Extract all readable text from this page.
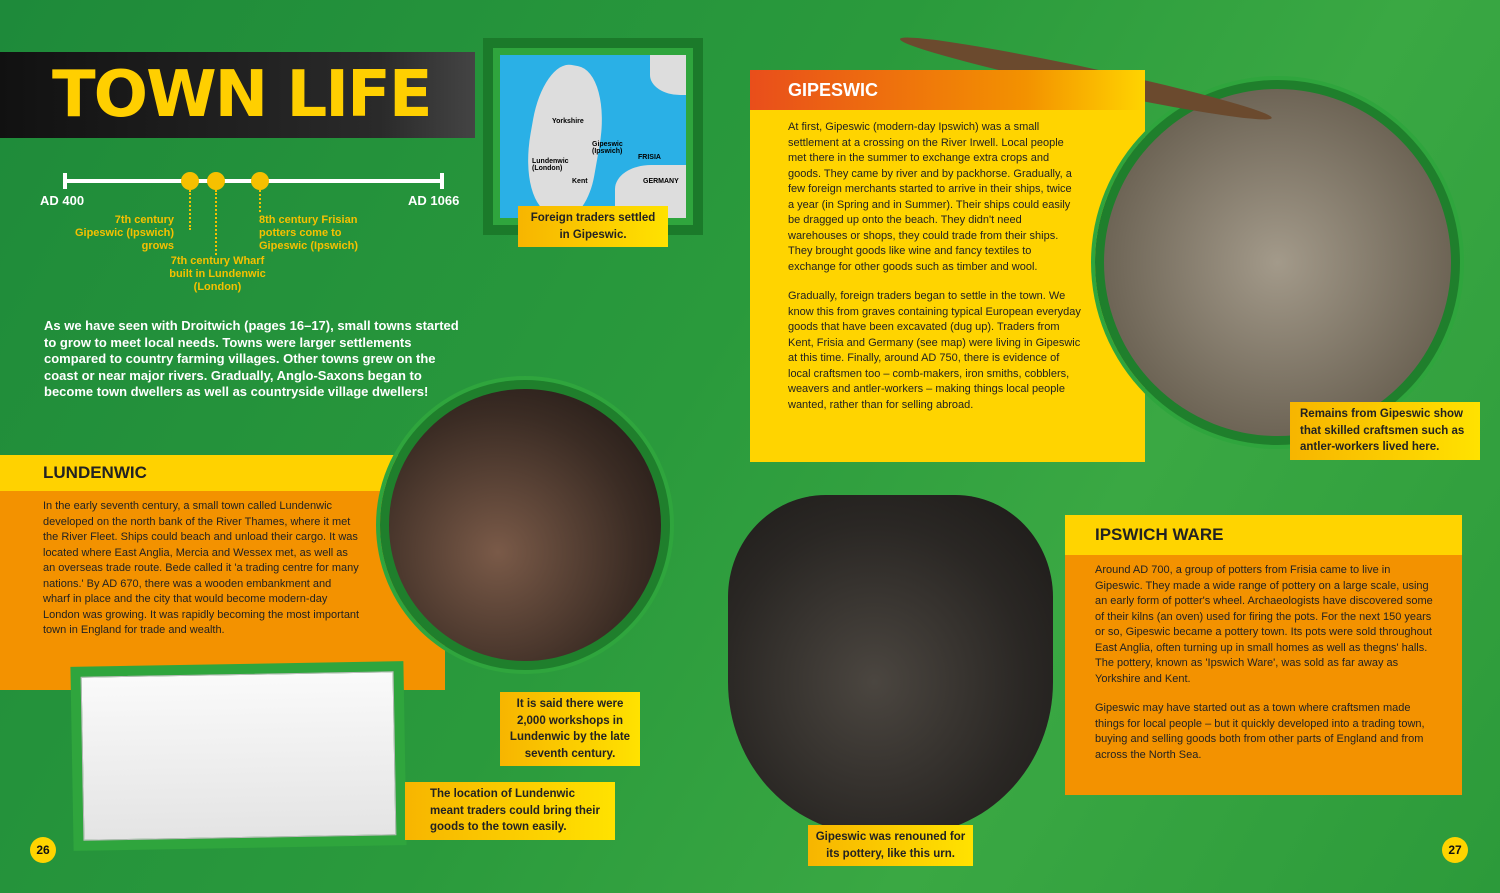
TOWN LIFE
AD 400	AD 1066
7th century Gipeswic (Ipswich) grows
7th century Wharf built in Lundenwic (London)
8th century Frisian potters come to Gipeswic (Ipswich)
Yorkshire
Gipeswic (Ipswich)
Lundenwic (London)
Kent
FRISIA
GERMANY
Foreign traders settled in Gipeswic.
LUNDENWIC
In the early seventh century, a small town called Lundenwic developed on the north bank of the River Thames, where it met the River Fleet. Ships could beach and unload their cargo. It was located where East Anglia, Mercia and Wessex met, as well as an overseas trade route. Bede called it 'a trading centre for many nations.' By AD 670, there was a wooden embankment and wharf in place and the city that would become modern-day London was growing. It was rapidly becoming the most important town in England for trade and wealth.
It is said there were 2,000 workshops in Lundenwic by the late seventh century.
As we have seen with Droitwich (pages 16–17), small towns started to grow to meet local needs. Towns were larger settlements compared to country farming villages. Other towns grew on the coast or near major rivers. Gradually, Anglo-Saxons began to become town dwellers as well as countryside village dwellers!
The location of Lundenwic meant traders could bring their goods to the town easily.
GIPESWIC
At first, Gipeswic (modern-day Ipswich) was a small settlement at a crossing on the River Irwell. Local people met there in the summer to exchange extra crops and goods. They came by river and by packhorse. Gradually, a few foreign merchants started to arrive in their ships, twice a year (in Spring and in Summer). Their ships could easily be dragged up onto the beach. They didn't need warehouses or shops, they could trade from their ships. They brought goods like wine and fancy textiles to exchange for other goods such as timber and wool.
Gradually, foreign traders began to settle in the town. We know this from graves containing typical European everyday goods that have been excavated (dug up). Traders from Kent, Frisia and Germany (see map) were living in Gipeswic at this time. Finally, around AD 750, there is evidence of local craftsmen too – comb-makers, iron smiths, cobblers, weavers and antler-workers – making things local people wanted, rather than for selling abroad.
Remains from Gipeswic show that skilled craftsmen such as antler-workers lived here.
Gipeswic was renouned for its pottery, like this urn.
IPSWICH WARE
Around AD 700, a group of potters from Frisia came to live in Gipeswic. They made a wide range of pottery on a large scale, using an early form of potter's wheel. Archaeologists have discovered some of their kilns (an oven) used for firing the pots. For the next 150 years or so, Gipeswic became a pottery town. Its pots were sold throughout East Anglia, often turning up in small homes as well as thegns' halls. The pottery, known as 'Ipswich Ware', was sold as far away as Yorkshire and Kent.
Gipeswic may have started out as a town where craftsmen made things for local people – but it quickly developed into a trading town, buying and selling goods both from other parts of England and from across the North Sea.
26	27
